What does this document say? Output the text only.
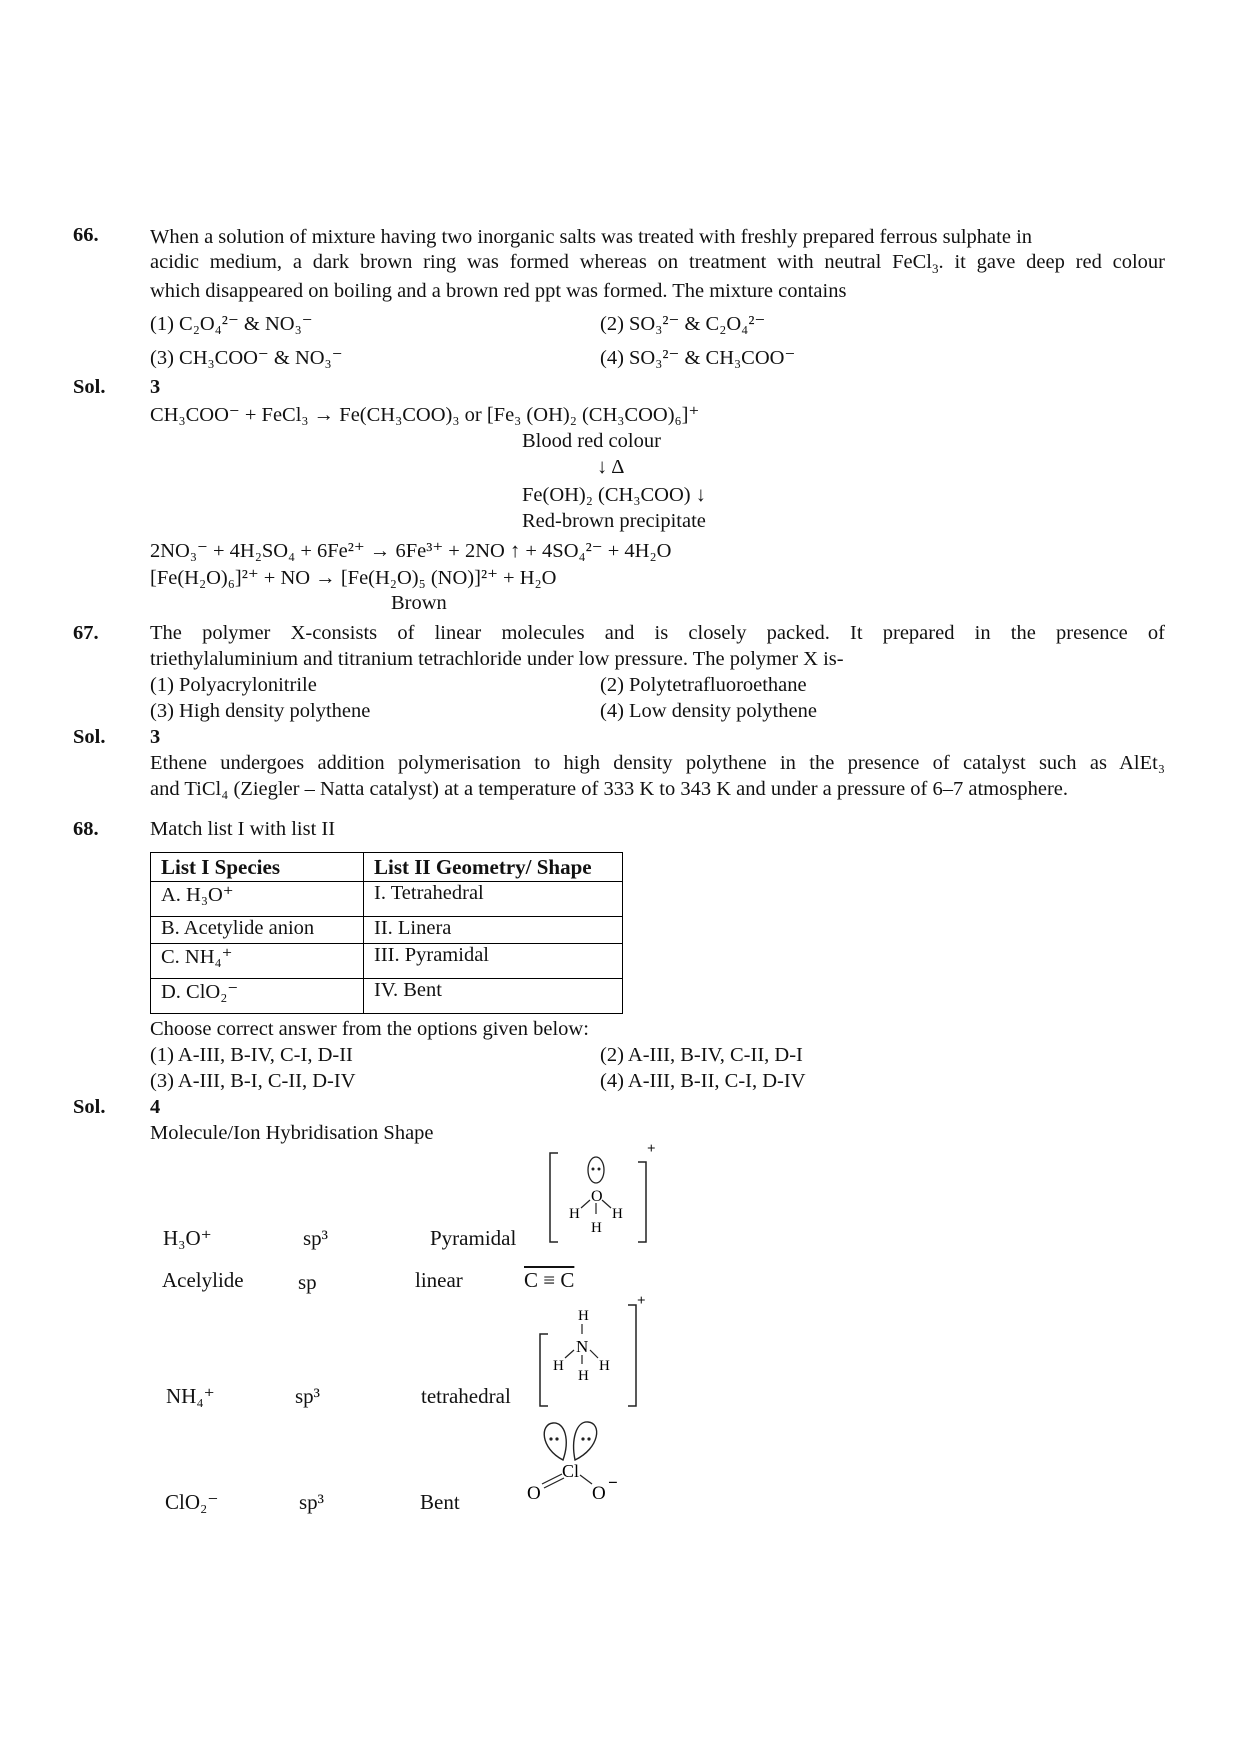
66.	When a solution of mixture having two inorganic salts was treated with freshly prepared ferrous sulphate in
acidic medium, a dark brown ring was formed whereas on treatment with neutral FeCl$_3$. it gave deep red colour
which disappeared on boiling and a brown red ppt was formed. The mixture contains
(1) C₂O₄²⁻ & NO₃⁻	(2) SO₃²⁻ & C₂O₄²⁻
(3) CH₃COO⁻ & NO₃⁻	(4) SO₃²⁻ & CH₃COO⁻
Sol. 3
CH₃COO⁻ + FeCl₃ → Fe(CH₃COO)₃ or [Fe₃ (OH)₂ (CH₃COO)₆]⁺
Blood red colour
↓ Δ
Fe(OH)₂ (CH₃COO) ↓
Red-brown precipitate
2NO₃⁻ + 4H₂SO₄ + 6Fe²⁺ → 6Fe³⁺ + 2NO ↑ + 4SO₄²⁻ + 4H₂O
[Fe(H₂O)₆]²⁺ + NO → [Fe(H₂O)₅ (NO)]²⁺ + H₂O
Brown
67.	The polymer X-consists of linear molecules and is closely packed. It prepared in the presence of
triethylaluminium and titranium tetrachloride under low pressure. The polymer X is-
(1) Polyacrylonitrile	(2) Polytetrafluoroethane
(3) High density polythene	(4) Low density polythene
Sol. 3
Ethene undergoes addition polymerisation to high density polythene in the presence of catalyst such as AlEt₃
and TiCl₄ (Ziegler – Natta catalyst) at a temperature of 333 K to 343 K and under a pressure of 6–7 atmosphere.
68.	Match list I with list II
List I Species	List II Geometry/ Shape
A. H₃O⁺	I. Tetrahedral
B. Acetylide anion	II. Linera
C. NH₄⁺	III. Pyramidal
D. ClO₂⁻	IV. Bent
Choose correct answer from the options given below:
(1) A-III, B-IV, C-I, D-II	(2) A-III, B-IV, C-II, D-I
(3) A-III, B-I, C-II, D-IV	(4) A-III, B-II, C-I, D-IV
Sol. 4
Molecule/Ion Hybridisation Shape
H₃O⁺	sp³	Pyramidal
Acelylide	sp	linear
NH₄⁺	sp³	tetrahedral
ClO₂⁻	sp³	Bent
O
H H
H
+
C ≡ C
H
N
H H
H
+
Cl
O	O
−
